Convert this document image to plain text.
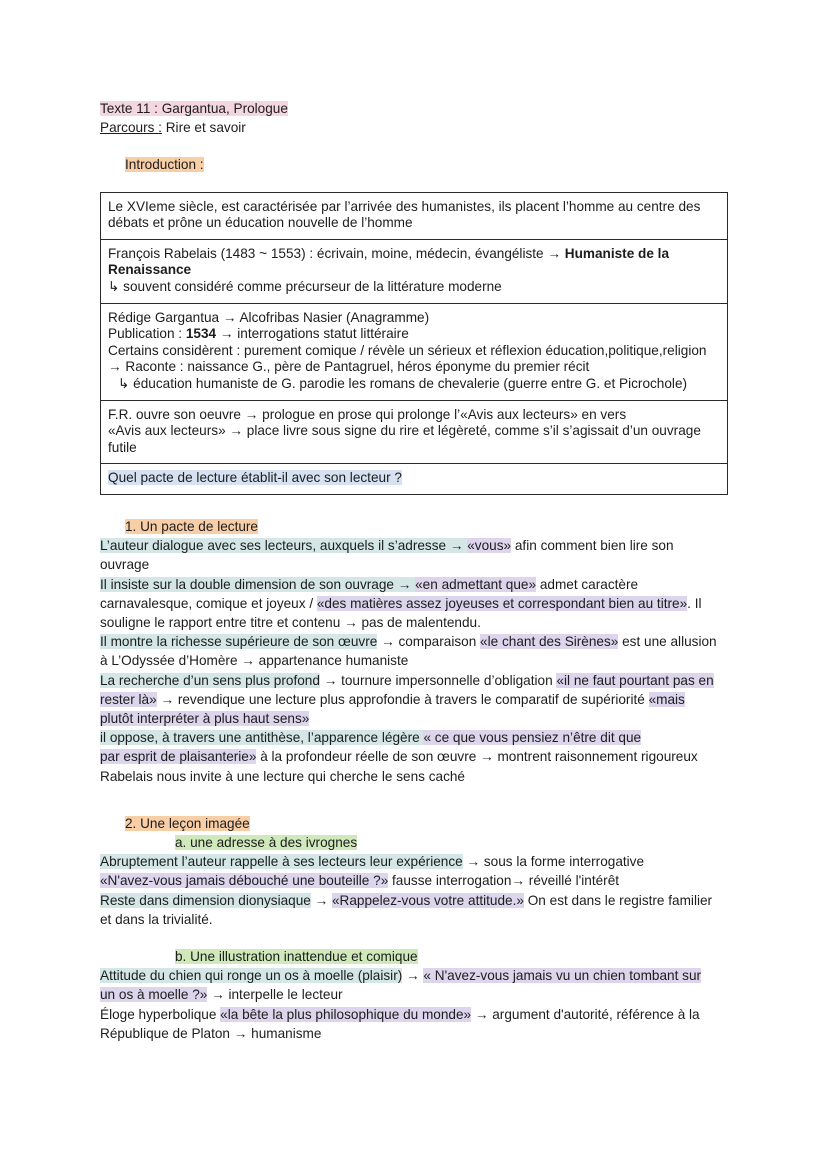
Texte 11 : Gargantua, Prologue
Parcours : Rire et savoir
Introduction :
Le XVIeme siècle, est caractérisée par l’arrivée des humanistes, ils placent l’homme au centre des
débats et prône un éducation nouvelle de l’homme
François Rabelais (1483 ~ 1553) : écrivain, moine, médecin, évangéliste → Humaniste de la
Renaissance
↳ souvent considéré comme précurseur de la littérature moderne
Rédige Gargantua → Alcofribas Nasier (Anagramme)
Publication : 1534 → interrogations statut littéraire
Certains considèrent : purement comique / révèle un sérieux et réflexion éducation,politique,religion
→ Raconte : naissance G., père de Pantagruel, héros éponyme du premier récit
↳ éducation humaniste de G. parodie les romans de chevalerie (guerre entre G. et Picrochole)
F.R. ouvre son oeuvre → prologue en prose qui prolonge l’«Avis aux lecteurs» en vers
«Avis aux lecteurs» → place livre sous signe du rire et légèreté, comme s’il s’agissait d’un ouvrage
futile
Quel pacte de lecture établit-il avec son lecteur ?
1. Un pacte de lecture
L’auteur dialogue avec ses lecteurs, auxquels il s’adresse → «vous» afin comment bien lire son
ouvrage
Il insiste sur la double dimension de son ouvrage → «en admettant que» admet caractère
carnavalesque, comique et joyeux / «des matières assez joyeuses et correspondant bien au titre». Il
souligne le rapport entre titre et contenu → pas de malentendu.
Il montre la richesse supérieure de son œuvre → comparaison «le chant des Sirènes» est une allusion
à L’Odyssée d’Homère → appartenance humaniste
La recherche d’un sens plus profond → tournure impersonnelle d’obligation «il ne faut pourtant pas en
rester là» → revendique une lecture plus approfondie à travers le comparatif de supériorité «mais
plutôt interpréter à plus haut sens»
il oppose, à travers une antithèse, l’apparence légère « ce que vous pensiez n’être dit que
par esprit de plaisanterie» à la profondeur réelle de son œuvre → montrent raisonnement rigoureux
Rabelais nous invite à une lecture qui cherche le sens caché
2. Une leçon imagée
a. une adresse à des ivrognes
Abruptement l’auteur rappelle à ses lecteurs leur expérience → sous la forme interrogative
«N'avez-vous jamais débouché une bouteille ?» fausse interrogation→ réveillé l'intérêt
Reste dans dimension dionysiaque → «Rappelez-vous votre attitude.» On est dans le registre familier
et dans la trivialité.
b. Une illustration inattendue et comique
Attitude du chien qui ronge un os à moelle (plaisir) → « N'avez-vous jamais vu un chien tombant sur
un os à moelle ?» → interpelle le lecteur
Éloge hyperbolique «la bête la plus philosophique du monde» → argument d'autorité, référence à la
République de Platon → humanisme
